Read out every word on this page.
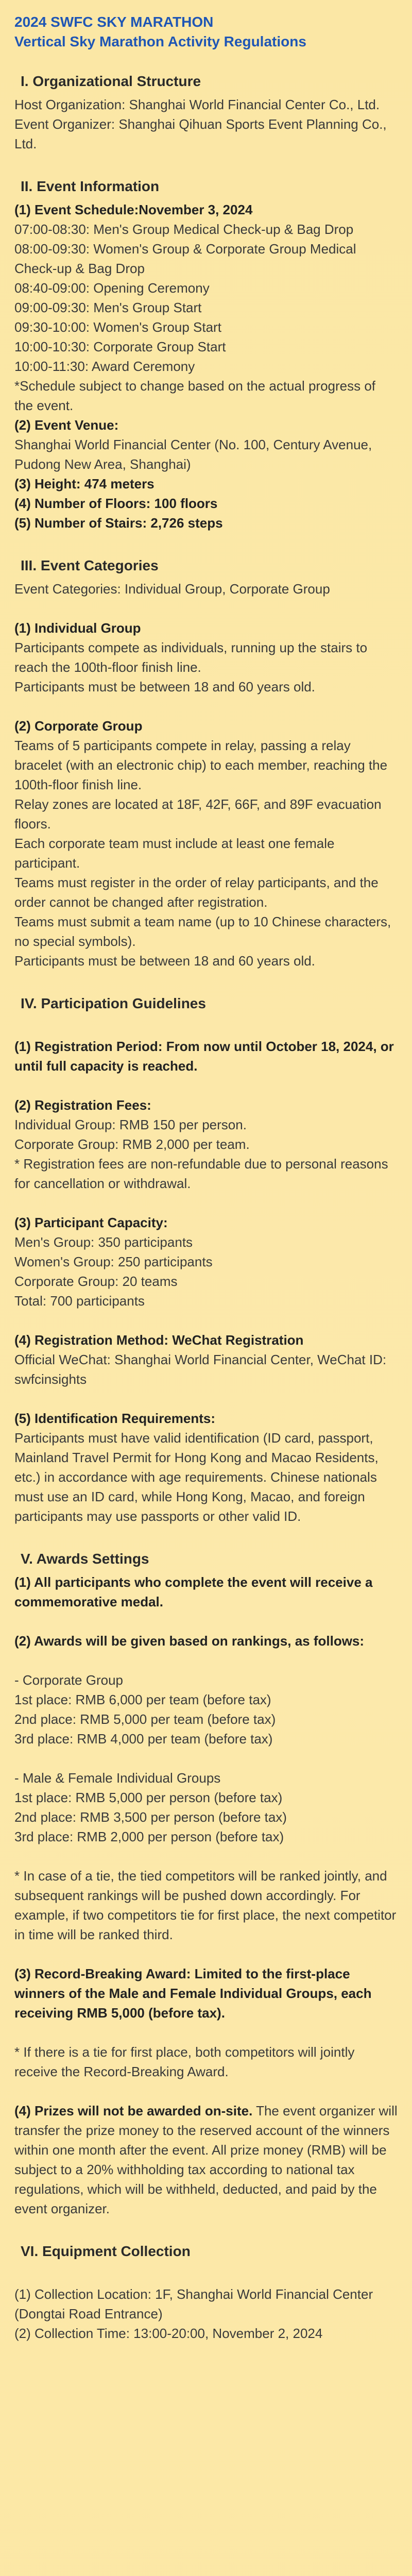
2024 SWFC SKY MARATHON
Vertical Sky Marathon Activity Regulations
I. Organizational Structure

Host Organization: Shanghai World Financial Center Co., Ltd.

Event Organizer: Shanghai Qihuan Sports Event Planning Co., Ltd.

II. Event Information

(1) Event Schedule:November 3, 2024

07:00-08:30: Men's Group Medical Check-up & Bag Drop

08:00-09:30: Women's Group & Corporate Group Medical Check-up & Bag Drop

08:40-09:00: Opening Ceremony

09:00-09:30: Men's Group Start

09:30-10:00: Women's Group Start

10:00-10:30: Corporate Group Start

10:00-11:30: Award Ceremony

*Schedule subject to change based on the actual progress of the event.

(2) Event Venue:

Shanghai World Financial Center (No. 100, Century Avenue, Pudong New Area, Shanghai)

(3) Height: 474 meters

(4) Number of Floors: 100 floors

(5) Number of Stairs: 2,726 steps

III. Event Categories

Event Categories: Individual Group, Corporate Group

(1) Individual Group

Participants compete as individuals, running up the stairs to reach the 100th-floor finish line.

Participants must be between 18 and 60 years old.

(2) Corporate Group

Teams of 5 participants compete in relay, passing a relay bracelet (with an electronic chip) to each member, reaching the 100th-floor finish line.

Relay zones are located at 18F, 42F, 66F, and 89F evacuation floors.

Each corporate team must include at least one female participant.

Teams must register in the order of relay participants, and the order cannot be changed after registration.

Teams must submit a team name (up to 10 Chinese characters, no special symbols).

Participants must be between 18 and 60 years old.

IV. Participation Guidelines

(1) Registration Period: From now until October 18, 2024, or until full capacity is reached.

(2) Registration Fees:

Individual Group: RMB 150 per person.

Corporate Group: RMB 2,000 per team.

* Registration fees are non-refundable due to personal reasons for cancellation or withdrawal.

(3) Participant Capacity:

Men's Group: 350 participants

Women's Group: 250 participants

Corporate Group: 20 teams

Total: 700 participants

(4) Registration Method: WeChat Registration

Official WeChat: Shanghai World Financial Center, WeChat ID: swfcinsights

(5) Identification Requirements:

Participants must have valid identification (ID card, passport, Mainland Travel Permit for Hong Kong and Macao Residents, etc.) in accordance with age requirements. Chinese nationals must use an ID card, while Hong Kong, Macao, and foreign participants may use passports or other valid ID.

V. Awards Settings

(1) All participants who complete the event will receive a commemorative medal.

(2) Awards will be given based on rankings, as follows:

- Corporate Group

1st place: RMB 6,000 per team (before tax)

2nd place: RMB 5,000 per team (before tax)

3rd place: RMB 4,000 per team (before tax)

- Male & Female Individual Groups

1st place: RMB 5,000 per person (before tax)

2nd place: RMB 3,500 per person (before tax)

3rd place: RMB 2,000 per person (before tax)

* In case of a tie, the tied competitors will be ranked jointly, and subsequent rankings will be pushed down accordingly. For example, if two competitors tie for first place, the next competitor in time will be ranked third.

(3) Record-Breaking Award: Limited to the first-place winners of the Male and Female Individual Groups, each receiving RMB 5,000 (before tax).

* If there is a tie for first place, both competitors will jointly receive the Record-Breaking Award.

(4) Prizes will not be awarded on-site. The event organizer will transfer the prize money to the reserved account of the winners within one month after the event. All prize money (RMB) will be subject to a 20% withholding tax according to national tax regulations, which will be withheld, deducted, and paid by the event organizer.

VI. Equipment Collection

(1) Collection Location: 1F, Shanghai World Financial Center (Dongtai Road Entrance)

(2) Collection Time: 13:00-20:00, November 2, 2024
